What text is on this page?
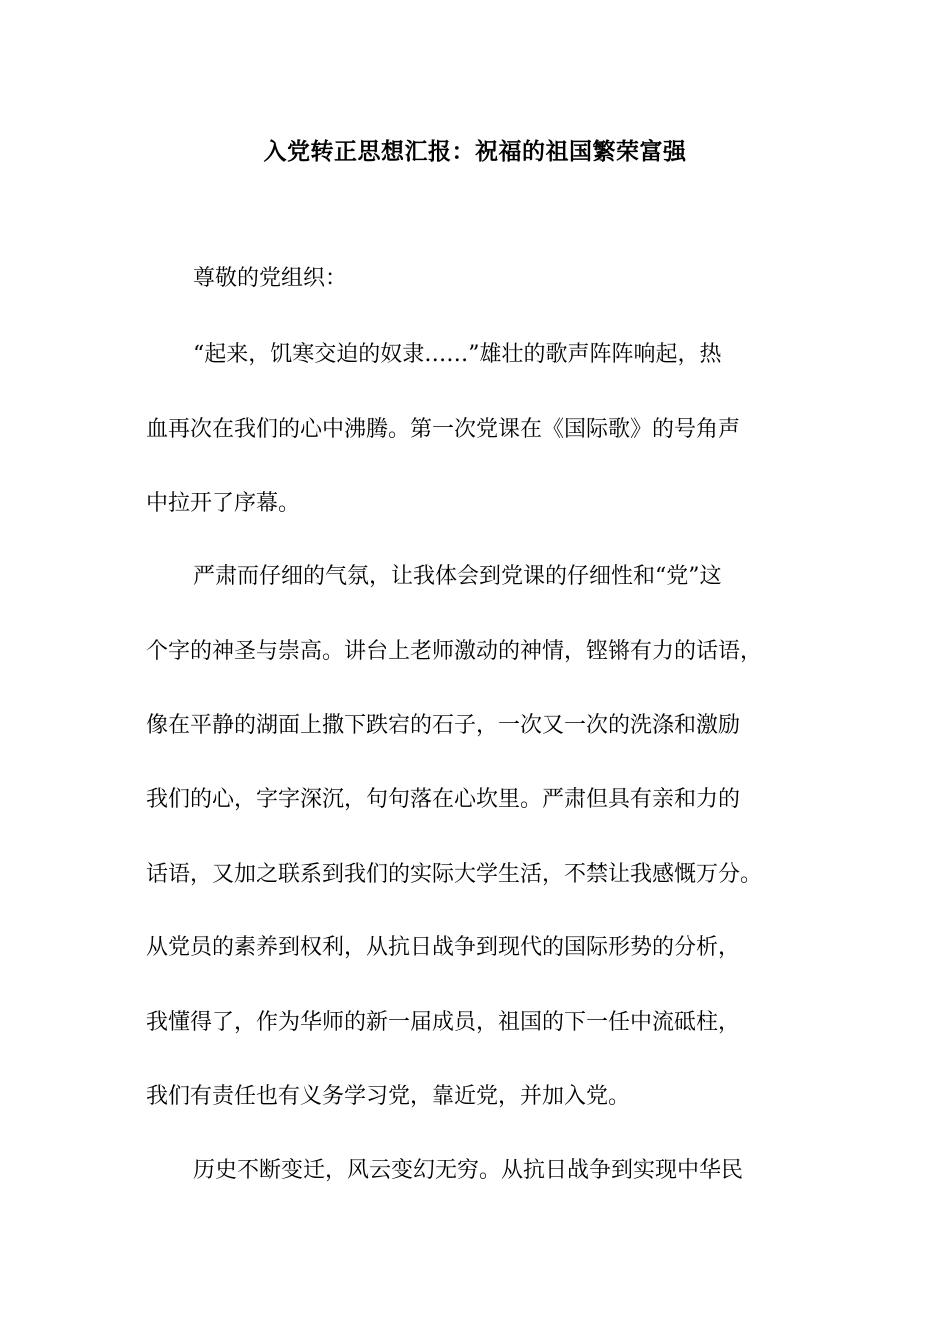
入党转正思想汇报：祝福的祖国繁荣富强
尊敬的党组织：
“起来，饥寒交迫的奴隶……”雄壮的歌声阵阵响起，热
血再次在我们的心中沸腾。第一次党课在《国际歌》的号角声
中拉开了序幕。
严肃而仔细的气氛，让我体会到党课的仔细性和“党”这
个字的神圣与崇高。讲台上老师激动的神情，铿锵有力的话语，
像在平静的湖面上撒下跌宕的石子，一次又一次的洗涤和激励
我们的心，字字深沉，句句落在心坎里。严肃但具有亲和力的
话语，又加之联系到我们的实际大学生活，不禁让我感慨万分。
从党员的素养到权利，从抗日战争到现代的国际形势的分析，
我懂得了，作为华师的新一届成员，祖国的下一任中流砥柱，
我们有责任也有义务学习党，靠近党，并加入党。
历史不断变迁，风云变幻无穷。从抗日战争到实现中华民
